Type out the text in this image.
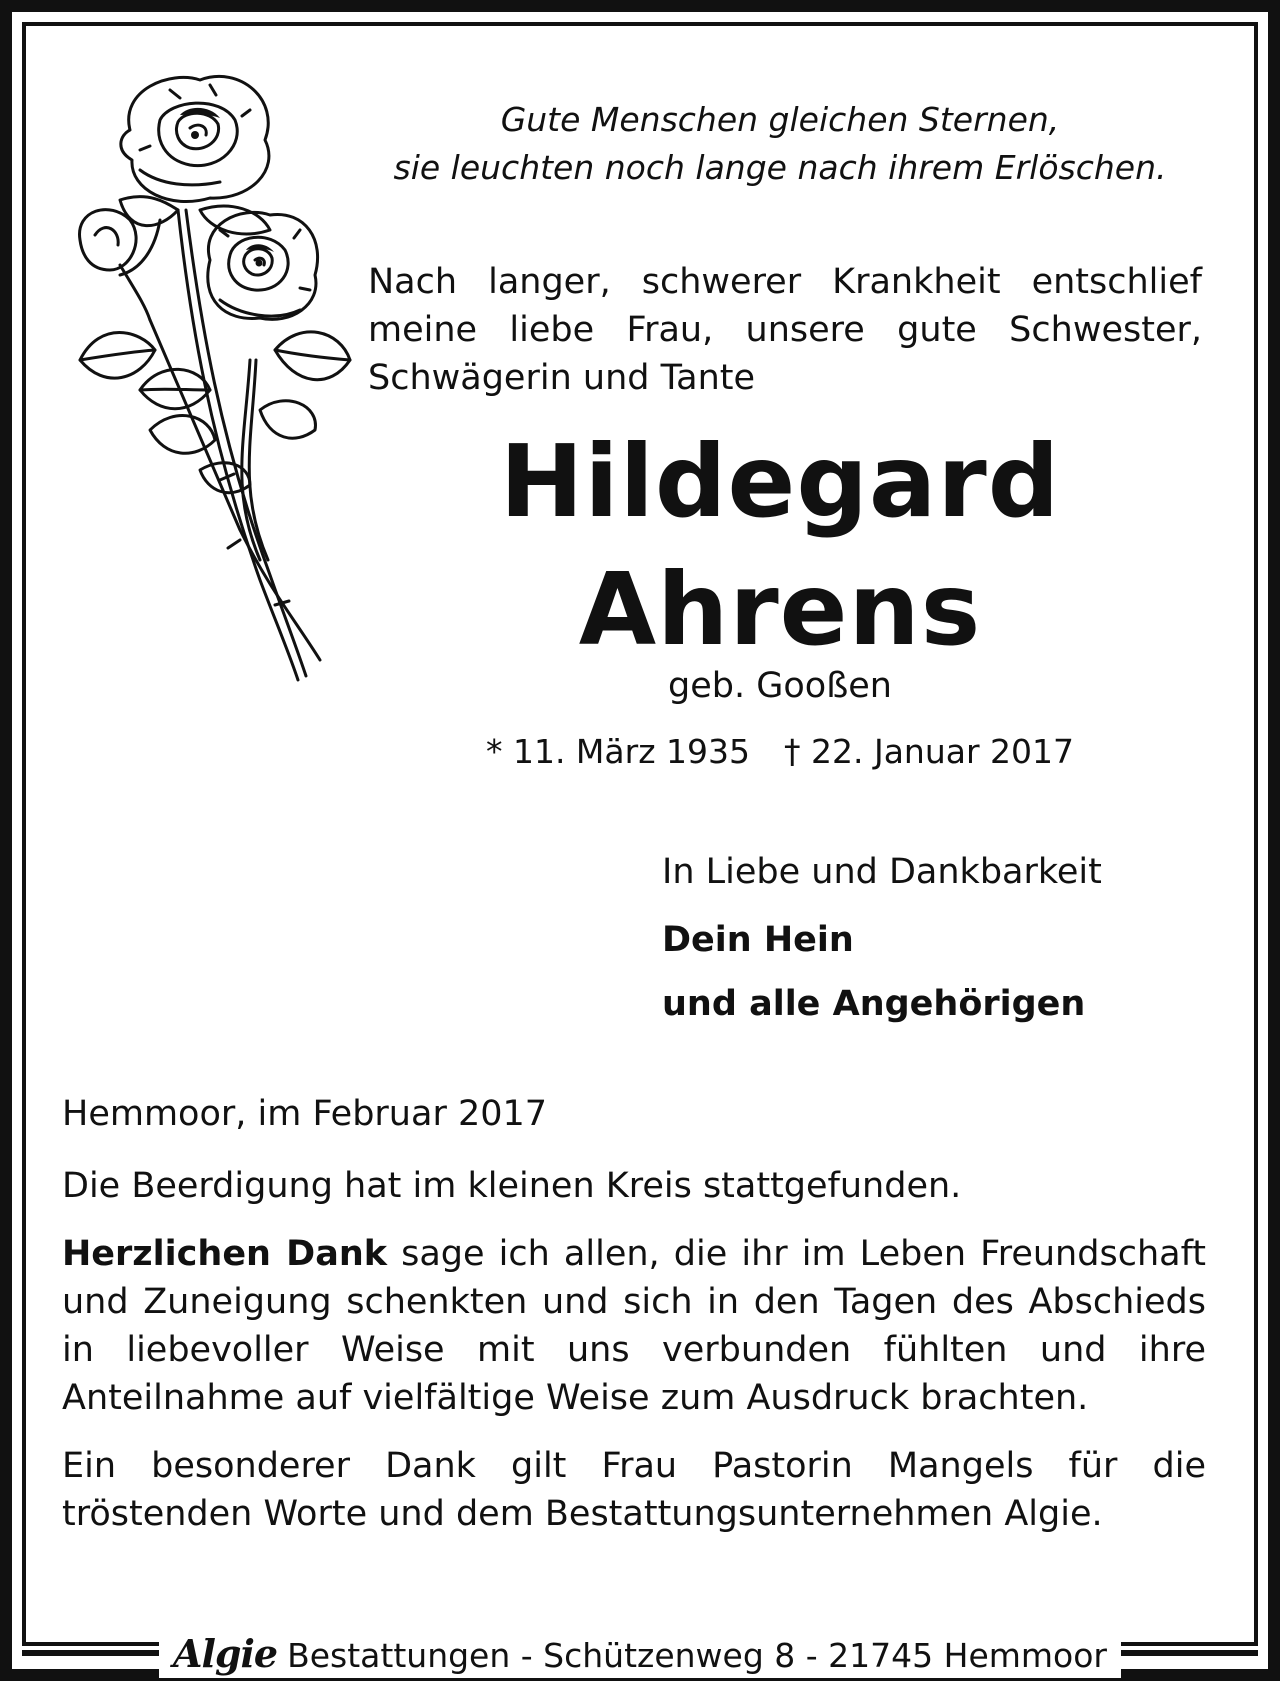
Gute Menschen gleichen Sternen,
sie leuchten noch lange nach ihrem Erlöschen.
Nach langer, schwerer Krankheit entschlief meine liebe Frau, unsere gute Schwester, Schwägerin und Tante
Hildegard
Ahrens
geb. Gooßen
* 11. März 1935 † 22. Januar 2017
In Liebe und Dankbarkeit
Dein Hein
und alle Angehörigen
Hemmoor, im Februar 2017
Die Beerdigung hat im kleinen Kreis stattgefunden.
Herzlichen Dank sage ich allen, die ihr im Leben Freundschaft und Zuneigung schenkten und sich in den Tagen des Abschieds in liebevoller Weise mit uns verbunden fühlten und ihre Anteilnahme auf vielfältige Weise zum Ausdruck brachten.
Ein besonderer Dank gilt Frau Pastorin Mangels für die tröstenden Worte und dem Bestattungsunternehmen Algie.
Algie Bestattungen - Schützenweg 8 - 21745 Hemmoor
